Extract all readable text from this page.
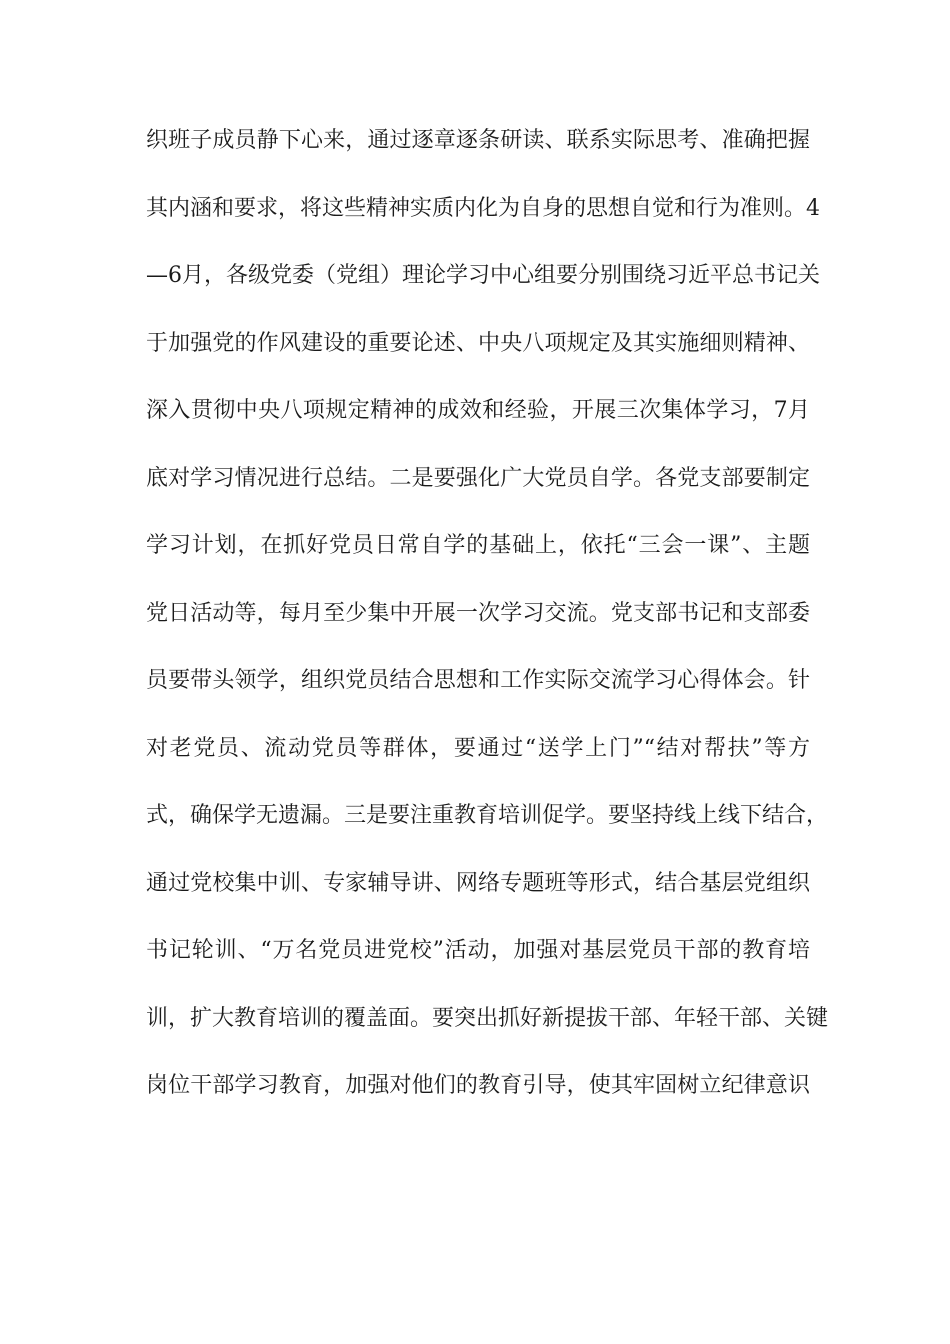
织班子成员静下心来，通过逐章逐条研读、联系实际思考、准确把握
其内涵和要求，将这些精神实质内化为自身的思想自觉和行为准则。4
—6月，各级党委（党组）理论学习中心组要分别围绕习近平总书记关
于加强党的作风建设的重要论述、中央八项规定及其实施细则精神、
深入贯彻中央八项规定精神的成效和经验，开展三次集体学习，7月
底对学习情况进行总结。二是要强化广大党员自学。各党支部要制定
学习计划，在抓好党员日常自学的基础上，依托“三会一课”、主题
党日活动等，每月至少集中开展一次学习交流。党支部书记和支部委
员要带头领学，组织党员结合思想和工作实际交流学习心得体会。针
对老党员、流动党员等群体，要通过“送学上门”“结对帮扶”等方
式，确保学无遗漏。三是要注重教育培训促学。要坚持线上线下结合，
通过党校集中训、专家辅导讲、网络专题班等形式，结合基层党组织
书记轮训、“万名党员进党校”活动，加强对基层党员干部的教育培
训，扩大教育培训的覆盖面。要突出抓好新提拔干部、年轻干部、关键
岗位干部学习教育，加强对他们的教育引导，使其牢固树立纪律意识
